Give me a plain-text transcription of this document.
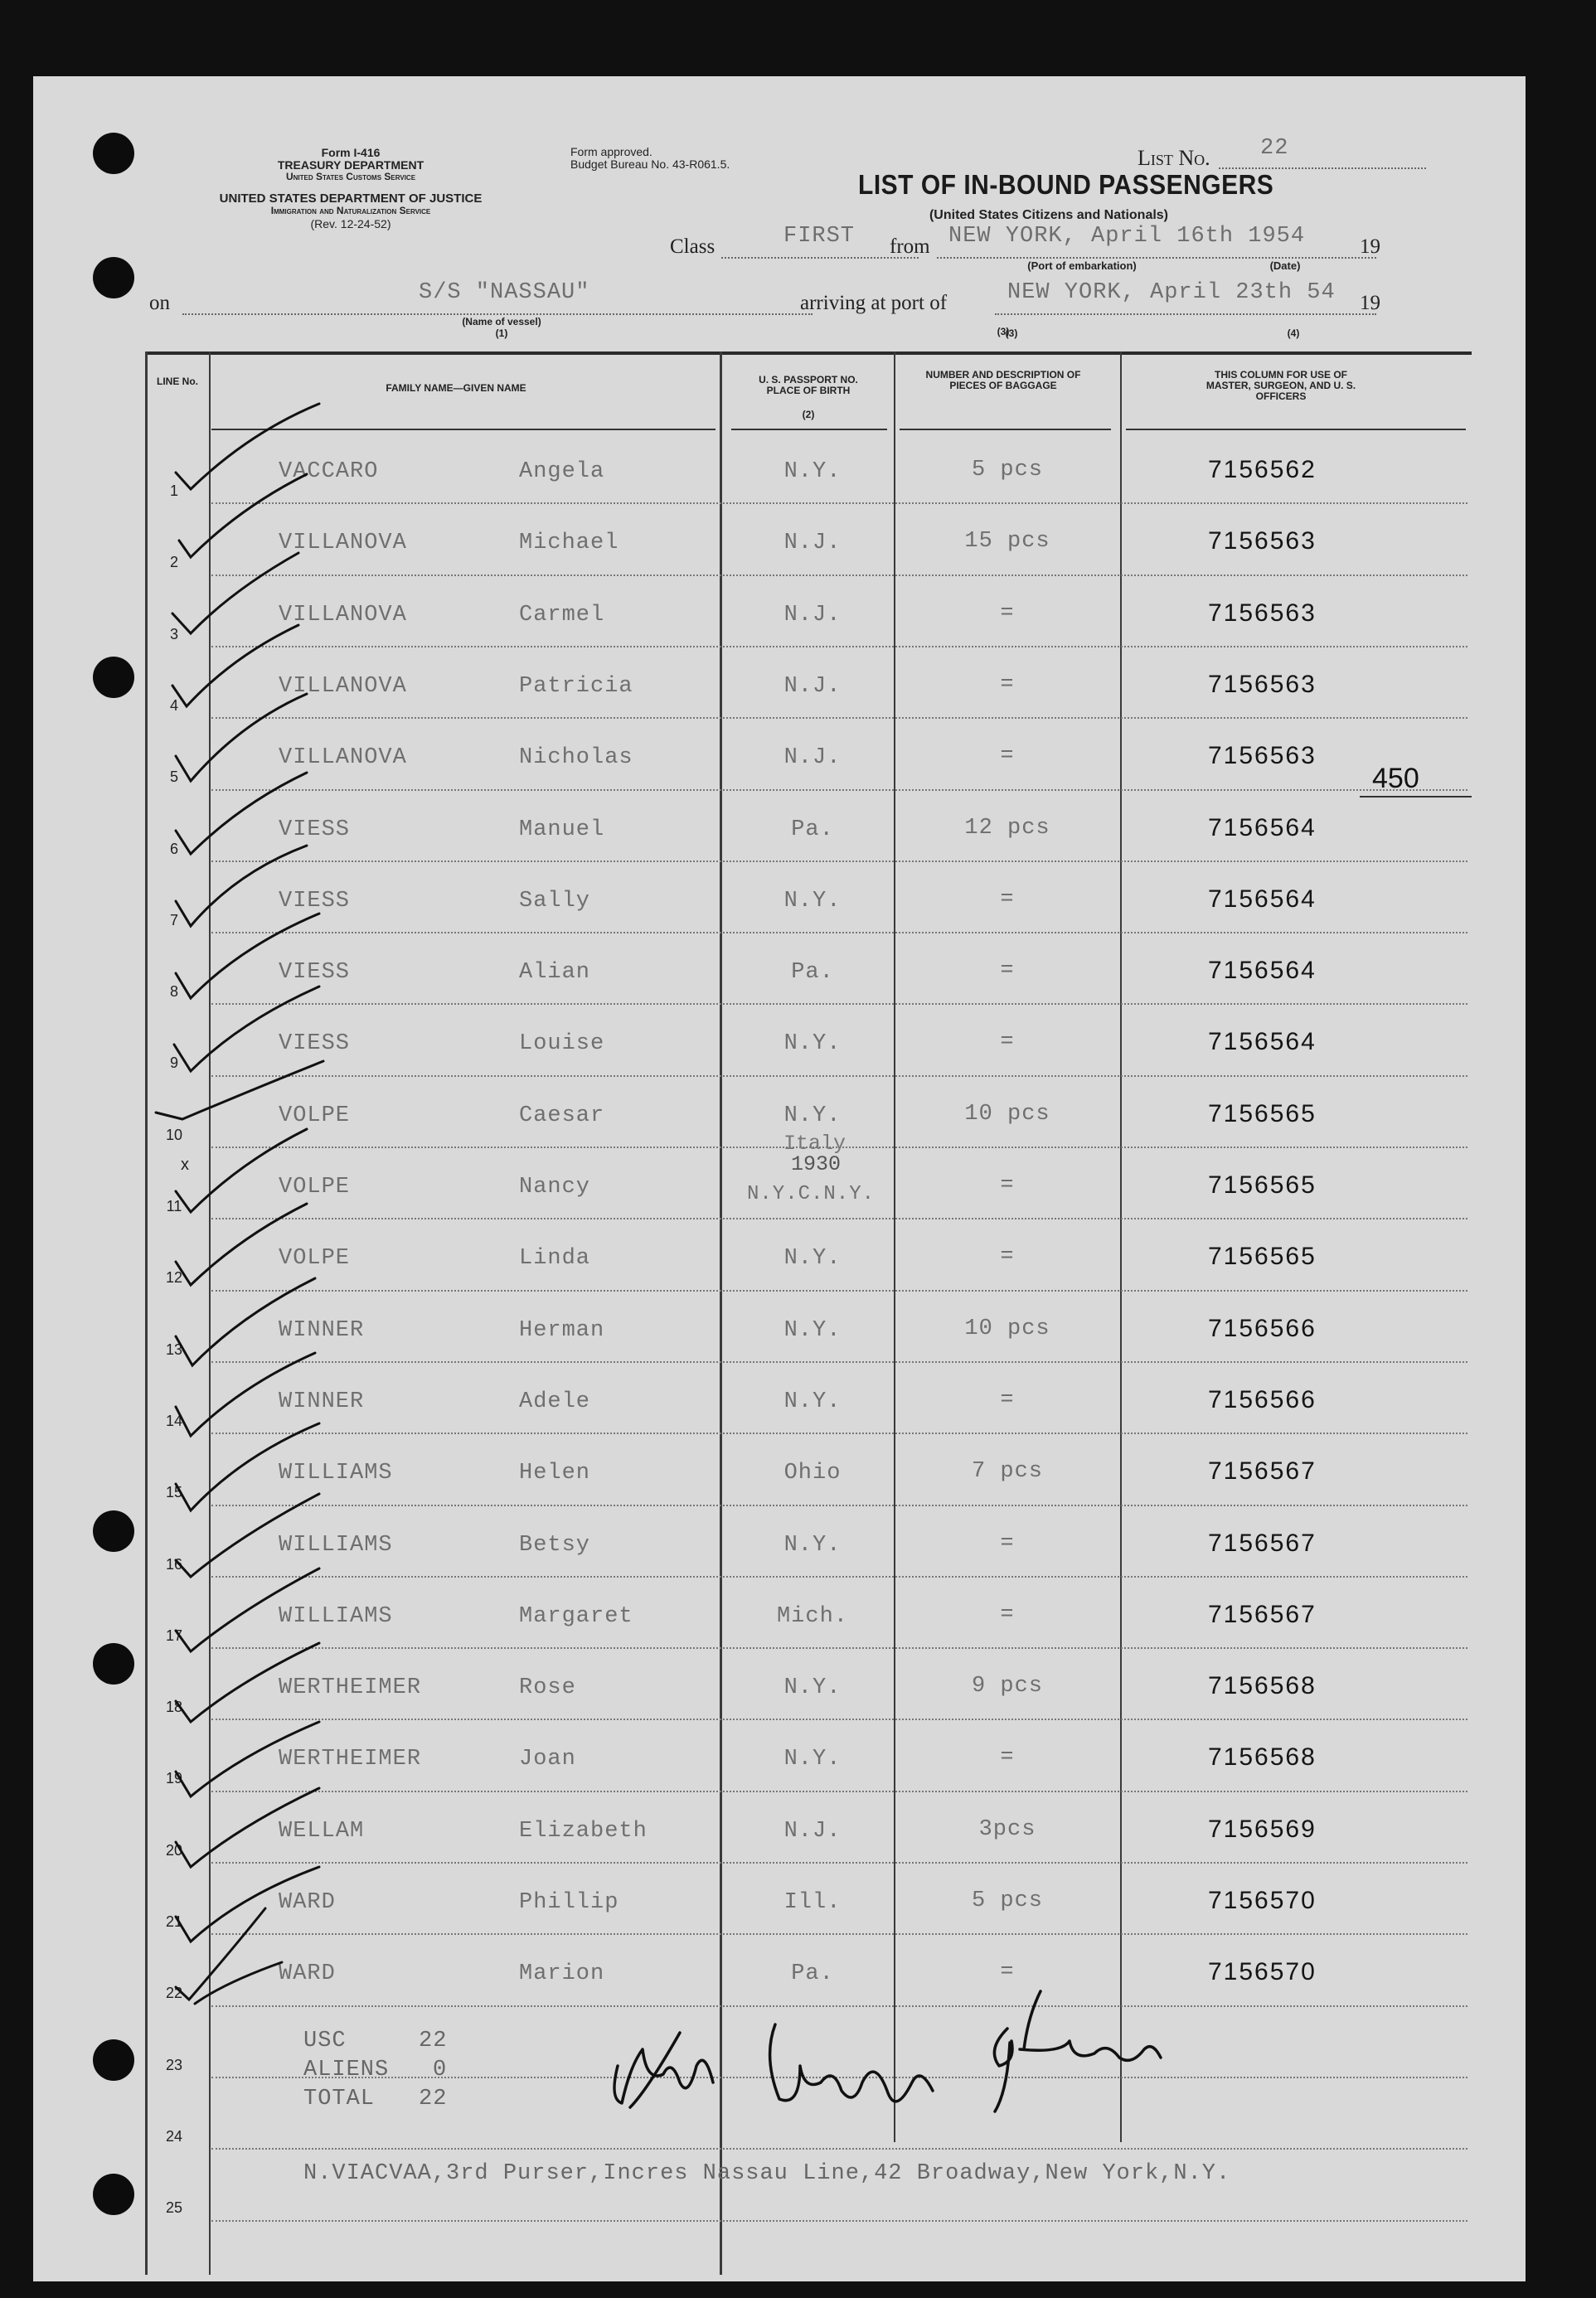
Form I-416
TREASURY DEPARTMENT
United States Customs Service
UNITED STATES DEPARTMENT OF JUSTICE
Immigration and Naturalization Service
(Rev. 12-24-52)
Form approved.
Budget Bureau No. 43-R061.5.	List No. 22
LIST OF IN-BOUND PASSENGERS
(United States Citizens and Nationals)
Class	FIRST from NEW YORK, April 16th 1954	19
(Port of embarkation)	(Date)
on	S/S "NASSAU"
(Name of vessel)
(1)
arriving at port of	NEW YORK, April 23th 54 19
(3)	(4)
LINE No.
FAMILY NAME—GIVEN NAME
U. S. PASSPORT NO. PLACE OF BIRTH
(2)
NUMBER AND DESCRIPTION OF PIECES OF BAGGAGE
(3)
THIS COLUMN FOR USE OF MASTER, SURGEON, AND U. S. OFFICERS
1
VACCARO	Angela	N.Y.	5 pcs	7156562
2
VILLANOVA	Michael	N.J.	15 pcs	7156563
3
VILLANOVA	Carmel	N.J.	=	7156563
4
VILLANOVA	Patricia	N.J.	=	7156563
5
VILLANOVA	Nicholas	N.J.	=	7156563
6
VIESS	Manuel	Pa.	12 pcs	7156564
7
VIESS	Sally	N.Y.	=	7156564
8
VIESS	Alian	Pa.	=	7156564
9
VIESS	Louise	N.Y.	=	7156564
10
VOLPE	Caesar	N.Y.	10 pcs	7156565
11
VOLPE	Nancy	N.Y.C.N.Y.	=	7156565
12
VOLPE	Linda	N.Y.	=	7156565
13
WINNER	Herman	N.Y.	10 pcs	7156566
14
WINNER	Adele	N.Y.	=	7156566
15
WILLIAMS	Helen	Ohio	7 pcs	7156567
16
WILLIAMS	Betsy	N.Y.	=	7156567
17
WILLIAMS	Margaret	Mich.	=	7156567
18
WERTHEIMER	Rose	N.Y.	9 pcs	7156568
19
WERTHEIMER	Joan	N.Y.	=	7156568
20
WELLAM	Elizabeth	N.J.	3pcs	7156569
21
WARD	Phillip	Ill.	5 pcs	7156570
22
WARD	Marion	Pa.	=	7156570
23
24
25
450
Italy
1930
x
USC	22
ALIENS 0
TOTAL 22
N.VIACVAA,3rd Purser,Incres Nassau Line,42 Broadway,New York,N.Y.
